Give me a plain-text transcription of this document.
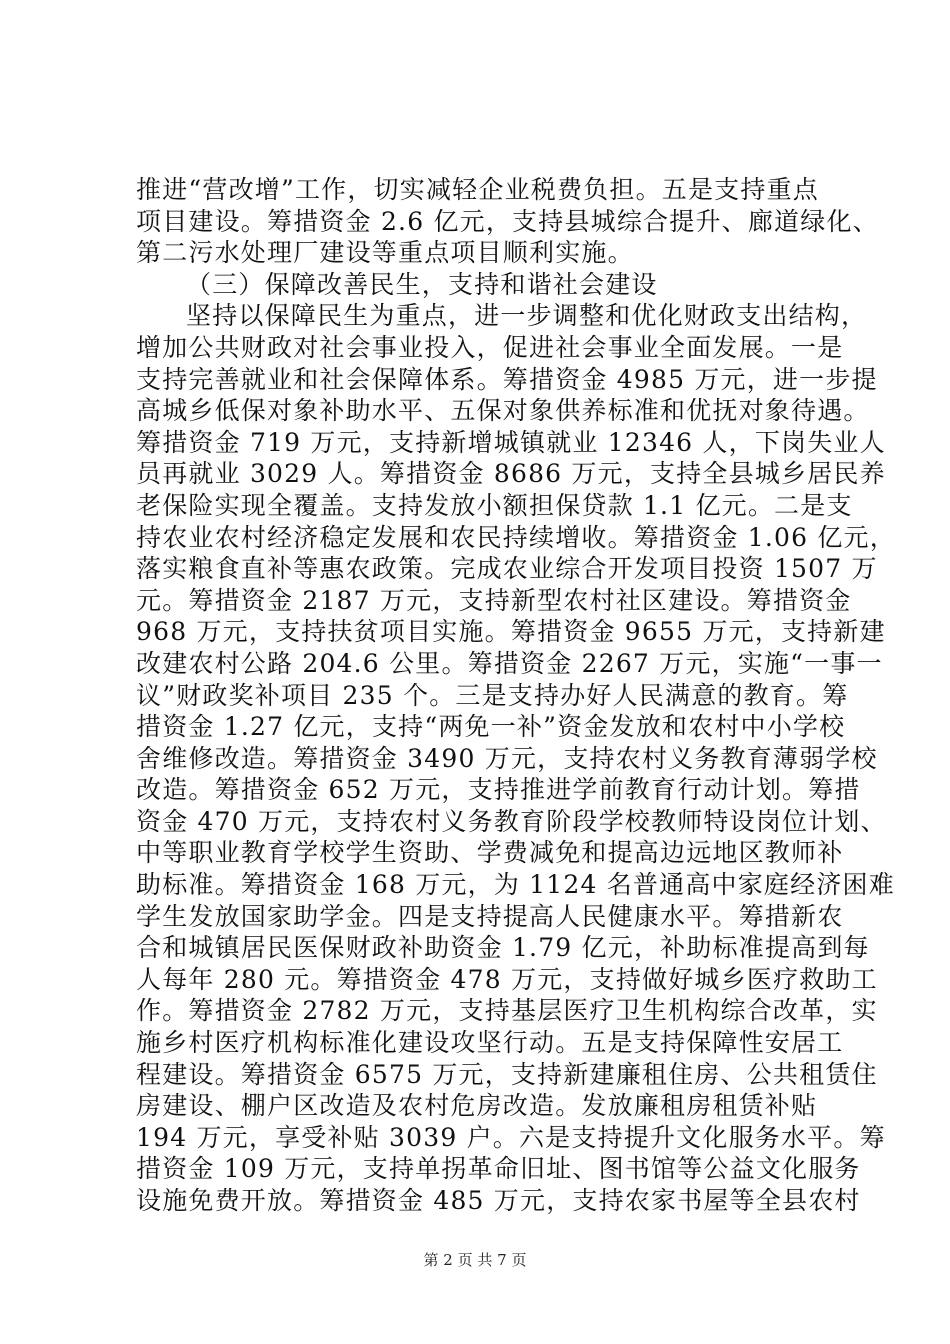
推进“营改增”工作，切实减轻企业税费负担。五是支持重点
项目建设。筹措资金 2.6 亿元，支持县城综合提升、廊道绿化、
第二污水处理厂建设等重点项目顺利实施。
（三）保障改善民生，支持和谐社会建设
坚持以保障民生为重点，进一步调整和优化财政支出结构，
增加公共财政对社会事业投入，促进社会事业全面发展。一是
支持完善就业和社会保障体系。筹措资金 4985 万元，进一步提
高城乡低保对象补助水平、五保对象供养标准和优抚对象待遇。
筹措资金 719 万元，支持新增城镇就业 12346 人，下岗失业人
员再就业 3029 人。筹措资金 8686 万元，支持全县城乡居民养
老保险实现全覆盖。支持发放小额担保贷款 1.1 亿元。二是支
持农业农村经济稳定发展和农民持续增收。筹措资金 1.06 亿元，
落实粮食直补等惠农政策。完成农业综合开发项目投资 1507 万
元。筹措资金 2187 万元，支持新型农村社区建设。筹措资金
968 万元，支持扶贫项目实施。筹措资金 9655 万元，支持新建
改建农村公路 204.6 公里。筹措资金 2267 万元，实施“一事一
议”财政奖补项目 235 个。三是支持办好人民满意的教育。筹
措资金 1.27 亿元，支持“两免一补”资金发放和农村中小学校
舍维修改造。筹措资金 3490 万元，支持农村义务教育薄弱学校
改造。筹措资金 652 万元，支持推进学前教育行动计划。筹措
资金 470 万元，支持农村义务教育阶段学校教师特设岗位计划、
中等职业教育学校学生资助、学费减免和提高边远地区教师补
助标准。筹措资金 168 万元，为 1124 名普通高中家庭经济困难
学生发放国家助学金。四是支持提高人民健康水平。筹措新农
合和城镇居民医保财政补助资金 1.79 亿元，补助标准提高到每
人每年 280 元。筹措资金 478 万元，支持做好城乡医疗救助工
作。筹措资金 2782 万元，支持基层医疗卫生机构综合改革，实
施乡村医疗机构标准化建设攻坚行动。五是支持保障性安居工
程建设。筹措资金 6575 万元，支持新建廉租住房、公共租赁住
房建设、棚户区改造及农村危房改造。发放廉租房租赁补贴
194 万元，享受补贴 3039 户。六是支持提升文化服务水平。筹
措资金 109 万元，支持单拐革命旧址、图书馆等公益文化服务
设施免费开放。筹措资金 485 万元，支持农家书屋等全县农村
第 2 页 共 7 页
